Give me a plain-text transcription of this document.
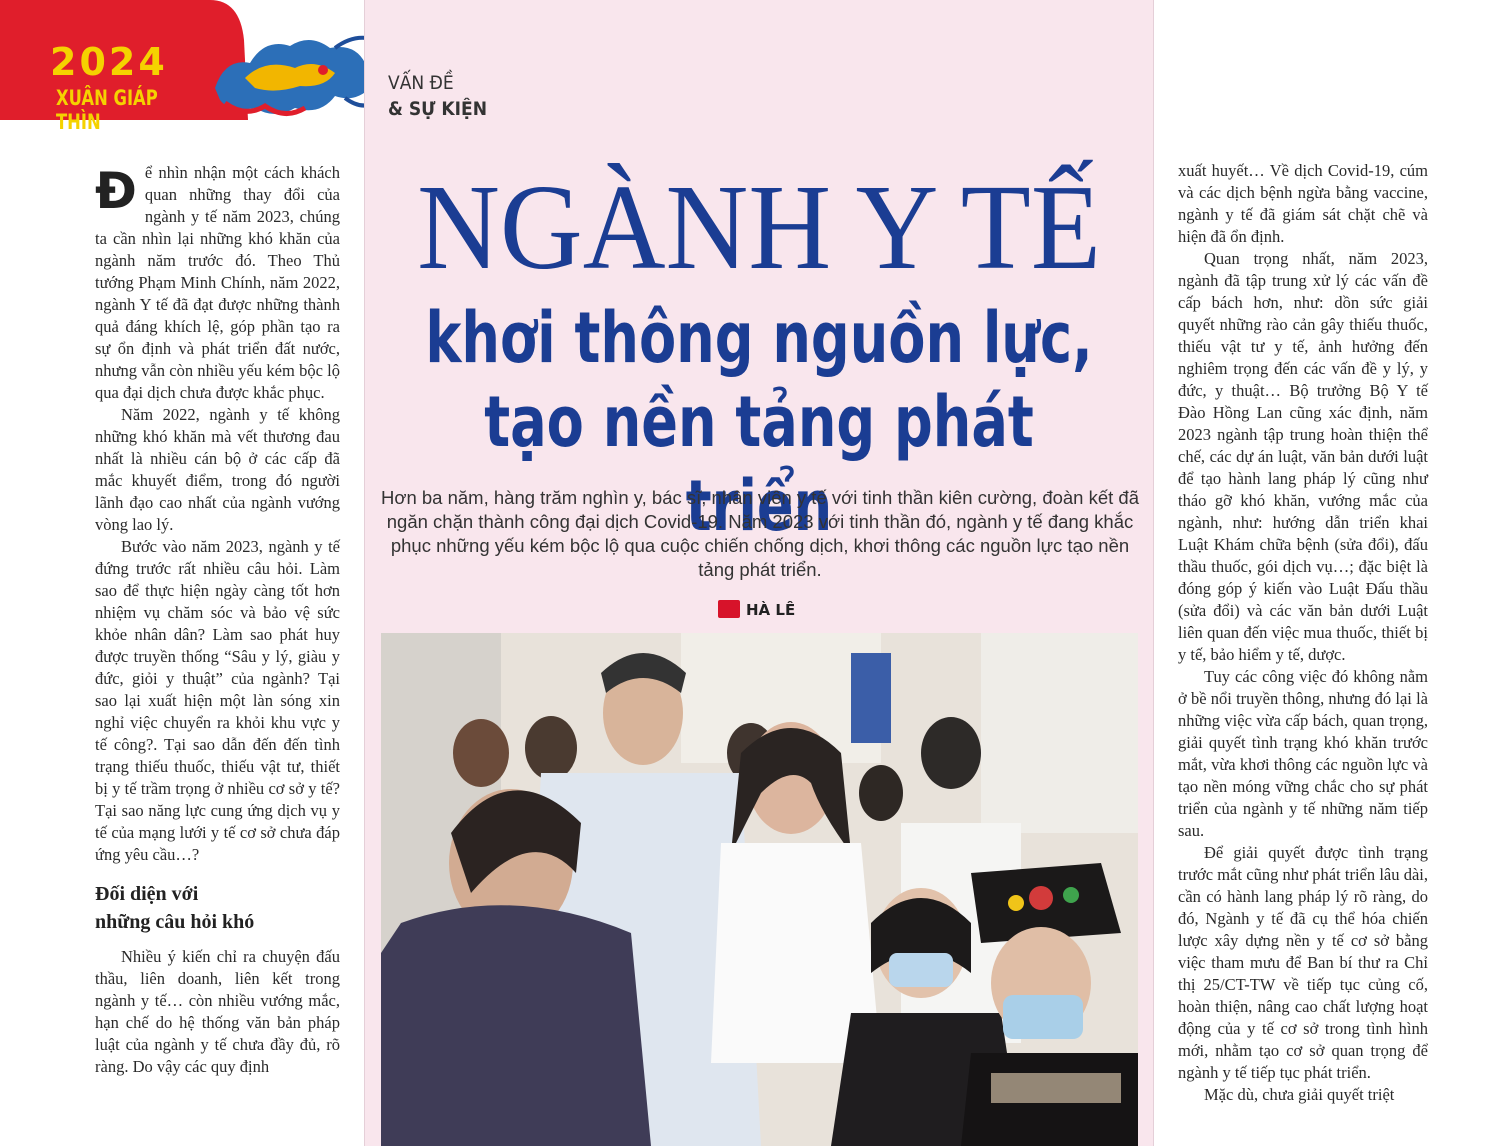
2024
XUÂN GIÁP THÌN
VẤN ĐỀ
& SỰ KIỆN
NGÀNH Y TẾ
khơi thông nguồn lực,
tạo nền tảng phát triển
Hơn ba năm, hàng trăm nghìn y, bác sĩ, nhân viên y tế với tinh thần kiên cường, đoàn kết đã ngăn chặn thành công đại dịch Covid-19. Năm 2023 với tinh thần đó, ngành y tế đang khắc phục những yếu kém bộc lộ qua cuộc chiến chống dịch, khơi thông các nguồn lực tạo nền tảng phát triển.
HÀ LÊ
Đ ể nhìn nhận một cách khách quan những thay đổi của ngành y tế năm 2023, chúng ta cần nhìn lại những khó khăn của ngành năm trước đó. Theo Thủ tướng Phạm Minh Chính, năm 2022, ngành Y tế đã đạt được những thành quả đáng khích lệ, góp phần tạo ra sự ổn định và phát triển đất nước, nhưng vẫn còn nhiều yếu kém bộc lộ qua đại dịch chưa được khắc phục.

Năm 2022, ngành y tế không những khó khăn mà vết thương đau nhất là nhiều cán bộ ở các cấp đã mắc khuyết điểm, trong đó người lãnh đạo cao nhất của ngành vướng vòng lao lý.

Bước vào năm 2023, ngành y tế đứng trước rất nhiều câu hỏi. Làm sao để thực hiện ngày càng tốt hơn nhiệm vụ chăm sóc và bảo vệ sức khỏe nhân dân? Làm sao phát huy được truyền thống “Sâu y lý, giàu y đức, giỏi y thuật” của ngành? Tại sao lại xuất hiện một làn sóng xin nghỉ việc chuyển ra khỏi khu vực y tế công?. Tại sao dẫn đến đến tình trạng thiếu thuốc, thiếu vật tư, thiết bị y tế trầm trọng ở nhiều cơ sở y tế? Tại sao năng lực cung ứng dịch vụ y tế của mạng lưới y tế cơ sở chưa đáp ứng yêu cầu…?

Đối diện với
những câu hỏi khó

Nhiều ý kiến chỉ ra chuyện đấu thầu, liên doanh, liên kết trong ngành y tế… còn nhiều vướng mắc, hạn chế do hệ thống văn bản pháp luật của ngành y tế chưa đầy đủ, rõ ràng. Do vậy các quy định

xuất huyết… Về dịch Covid-19, cúm và các dịch bệnh ngừa bằng vaccine, ngành y tế đã giám sát chặt chẽ và hiện đã ổn định.

Quan trọng nhất, năm 2023, ngành đã tập trung xử lý các vấn đề cấp bách hơn, như: dồn sức giải quyết những rào cản gây thiếu thuốc, thiếu vật tư y tế, ảnh hưởng đến nghiêm trọng đến các vấn đề y lý, y đức, y thuật… Bộ trưởng Bộ Y tế Đào Hồng Lan cũng xác định, năm 2023 ngành tập trung hoàn thiện thể chế, các dự án luật, văn bản dưới luật để tạo hành lang pháp lý cũng như tháo gỡ khó khăn, vướng mắc của ngành, như: hướng dẫn triển khai Luật Khám chữa bệnh (sửa đổi), đấu thầu thuốc, gói dịch vụ…; đặc biệt là đóng góp ý kiến vào Luật Đấu thầu (sửa đổi) và các văn bản dưới Luật liên quan đến việc mua thuốc, thiết bị y tế, bảo hiểm y tế, dược.

Tuy các công việc đó không nằm ở bề nổi truyền thông, nhưng đó lại là những việc vừa cấp bách, quan trọng, giải quyết tình trạng khó khăn trước mắt, vừa khơi thông các nguồn lực và tạo nền móng vững chắc cho sự phát triển của ngành y tế những năm tiếp sau.

Để giải quyết được tình trạng trước mắt cũng như phát triển lâu dài, cần có hành lang pháp lý rõ ràng, do đó, Ngành y tế đã cụ thể hóa chiến lược xây dựng nền y tế cơ sở bằng việc tham mưu để Ban bí thư ra Chỉ thị 25/CT-TW về tiếp tục củng cố, hoàn thiện, nâng cao chất lượng hoạt động của y tế cơ sở trong tình hình mới, nhằm tạo cơ sở quan trọng để ngành y tế tiếp tục phát triển.

Mặc dù, chưa giải quyết triệt
